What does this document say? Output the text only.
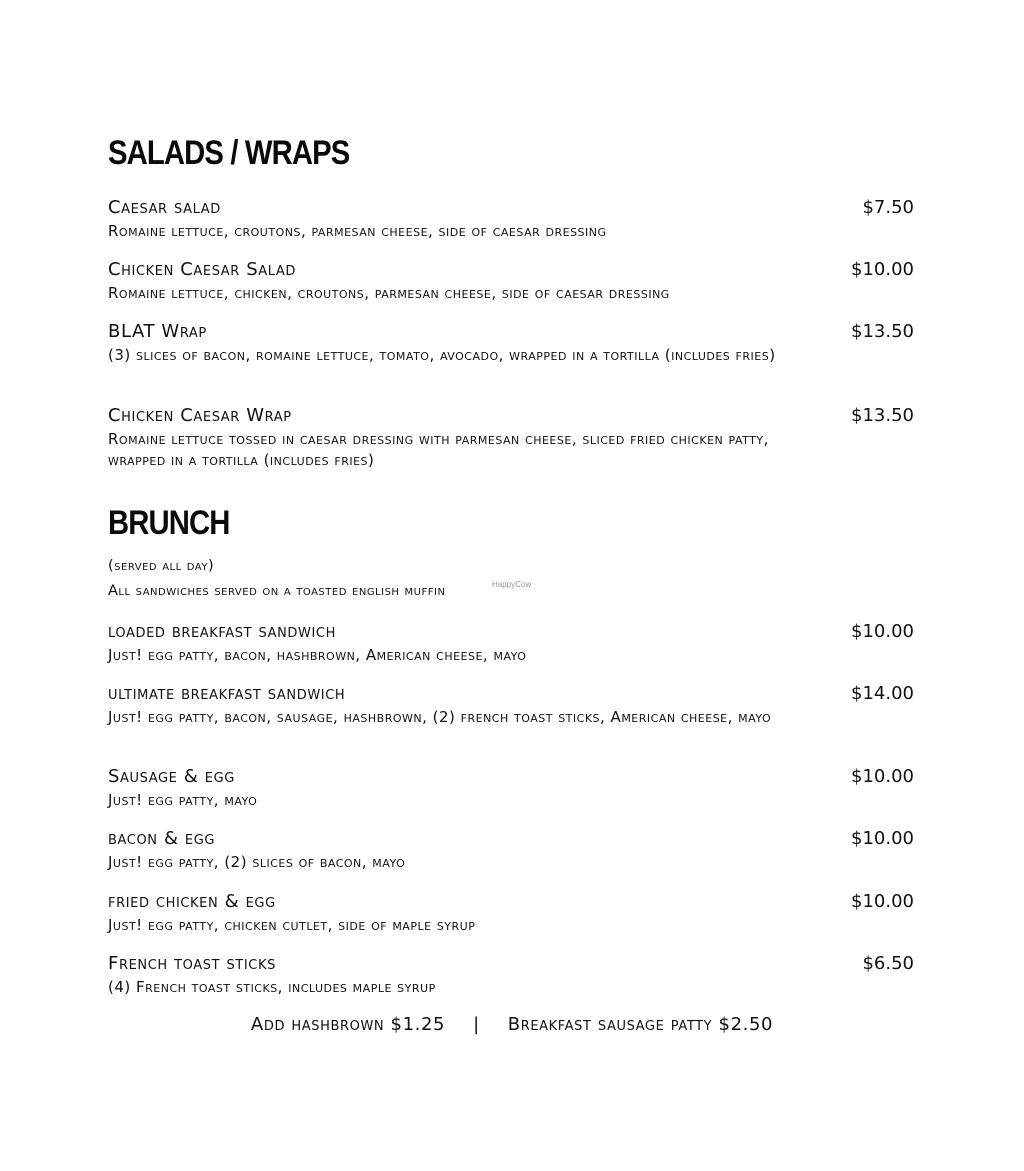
SALADS / WRAPS
Caesar salad	$7.50
Romaine lettuce, croutons, parmesan cheese, side of caesar dressing
Chicken Caesar Salad	$10.00
Romaine lettuce, chicken, croutons, parmesan cheese, side of caesar dressing
BLAT Wrap	$13.50
(3) slices of bacon, romaine lettuce, tomato, avocado, wrapped in a tortilla (includes fries)
Chicken Caesar Wrap	$13.50
Romaine lettuce tossed in caesar dressing with parmesan cheese, sliced fried chicken patty, wrapped in a tortilla (includes fries)
BRUNCH
(served all day)
All sandwiches served on a toasted english muffin	HappyCow
loaded breakfast sandwich	$10.00
Just! egg patty, bacon, hashbrown, American cheese, mayo
ultimate breakfast sandwich	$14.00
Just! egg patty, bacon, sausage, hashbrown, (2) french toast sticks, American cheese, mayo
Sausage & egg	$10.00
Just! egg patty, mayo
bacon & egg	$10.00
Just! egg patty, (2) slices of bacon, mayo
fried chicken & egg	$10.00
Just! egg patty, chicken cutlet, side of maple syrup
French toast sticks	$6.50
(4) French toast sticks, includes maple syrup
Add hashbrown $1.25 | Breakfast sausage patty $2.50
